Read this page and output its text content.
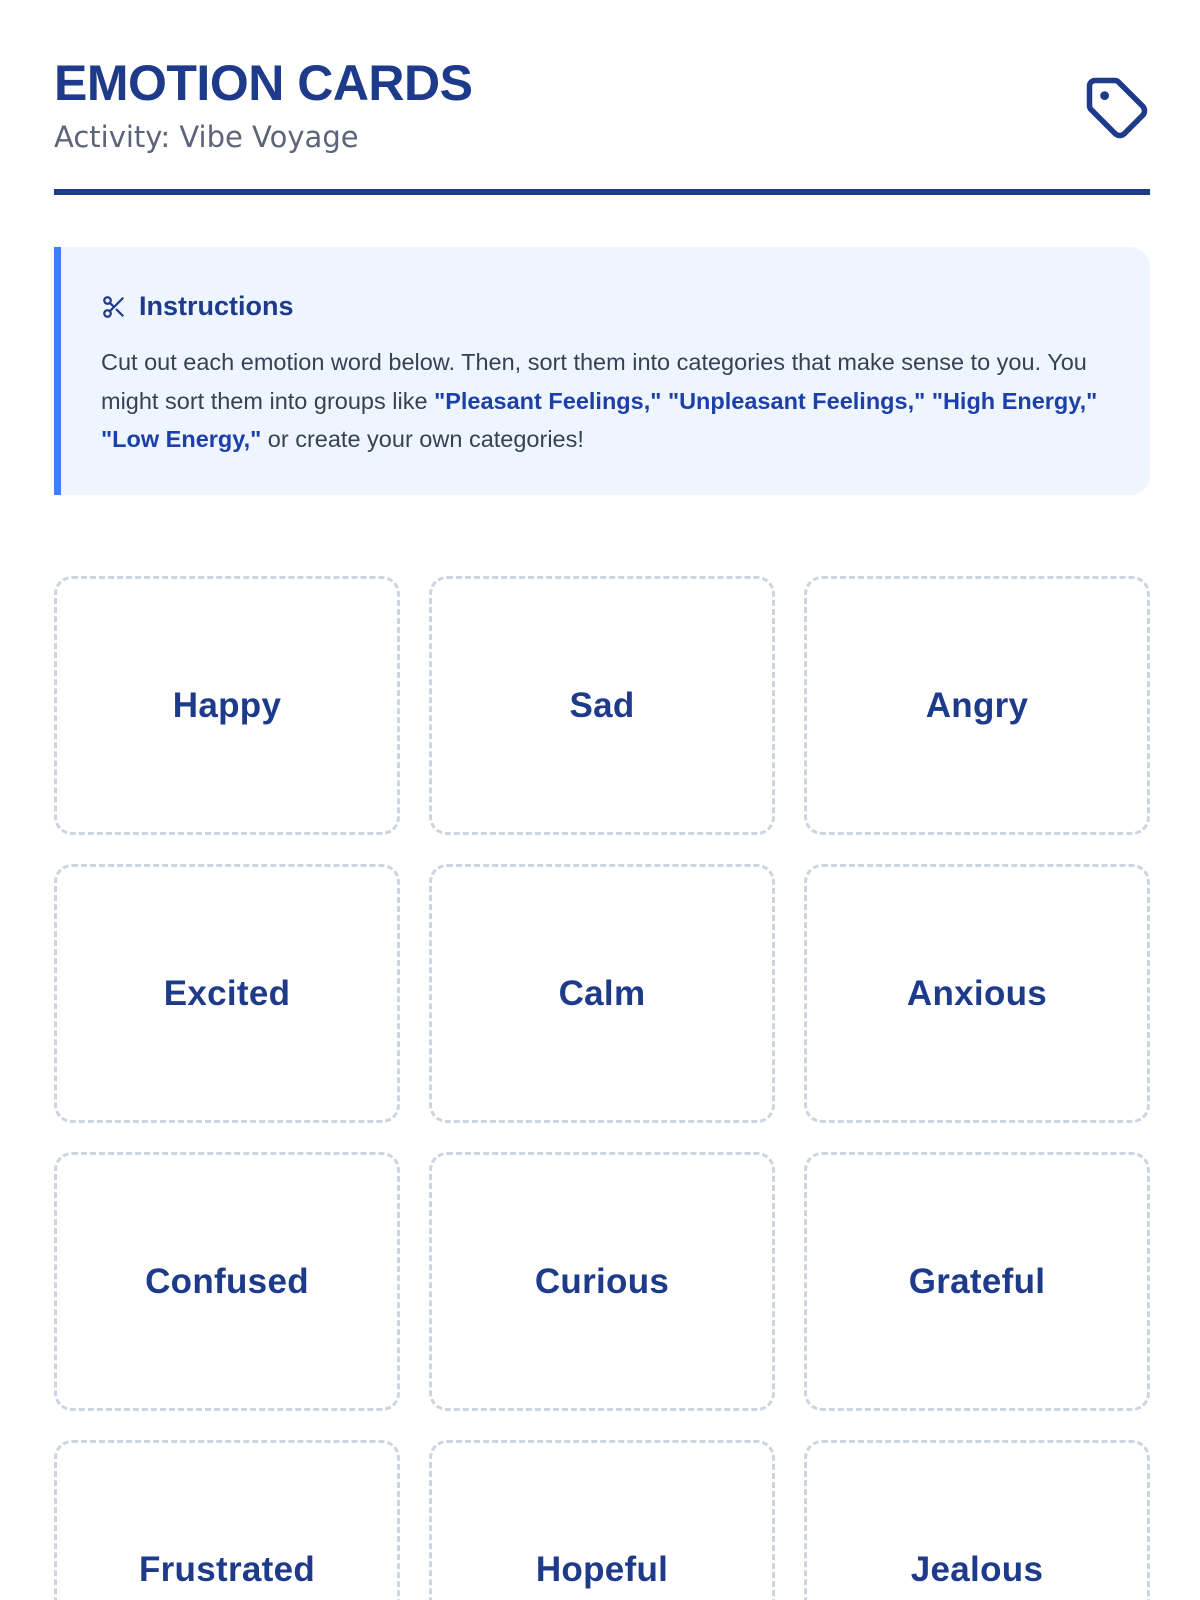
EMOTION CARDS
Activity: Vibe Voyage
Instructions
Cut out each emotion word below. Then, sort them into categories that make sense to you. You might sort them into groups like "Pleasant Feelings," "Unpleasant Feelings," "High Energy," "Low Energy," or create your own categories!
Happy	Sad	Angry
Excited	Calm	Anxious
Confused	Curious	Grateful
Frustrated	Hopeful	Jealous
